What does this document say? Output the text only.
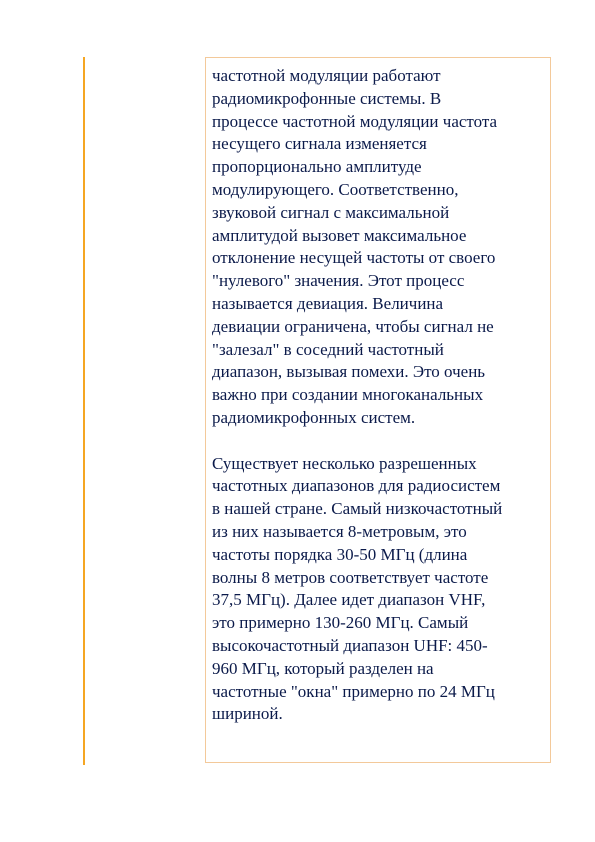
частотной модуляции работают
радиомикрофонные системы. В
процессе частотной модуляции частота
несущего сигнала изменяется
пропорционально амплитуде
модулирующего. Соответственно,
звуковой сигнал с максимальной
амплитудой вызовет максимальное
отклонение несущей частоты от своего
"нулевого" значения. Этот процесс
называется девиация. Величина
девиации ограничена, чтобы сигнал не
"залезал" в соседний частотный
диапазон, вызывая помехи. Это очень
важно при создании многоканальных
радиомикрофонных систем.

Существует несколько разрешенных
частотных диапазонов для радиосистем
в нашей стране. Самый низкочастотный
из них называется 8-метровым, это
частоты порядка 30-50 МГц (длина
волны 8 метров соответствует частоте
37,5 МГц). Далее идет диапазон VHF,
это примерно 130-260 МГц. Самый
высокочастотный диапазон UHF: 450-
960 МГц, который разделен на
частотные "окна" примерно по 24 МГц
шириной.
